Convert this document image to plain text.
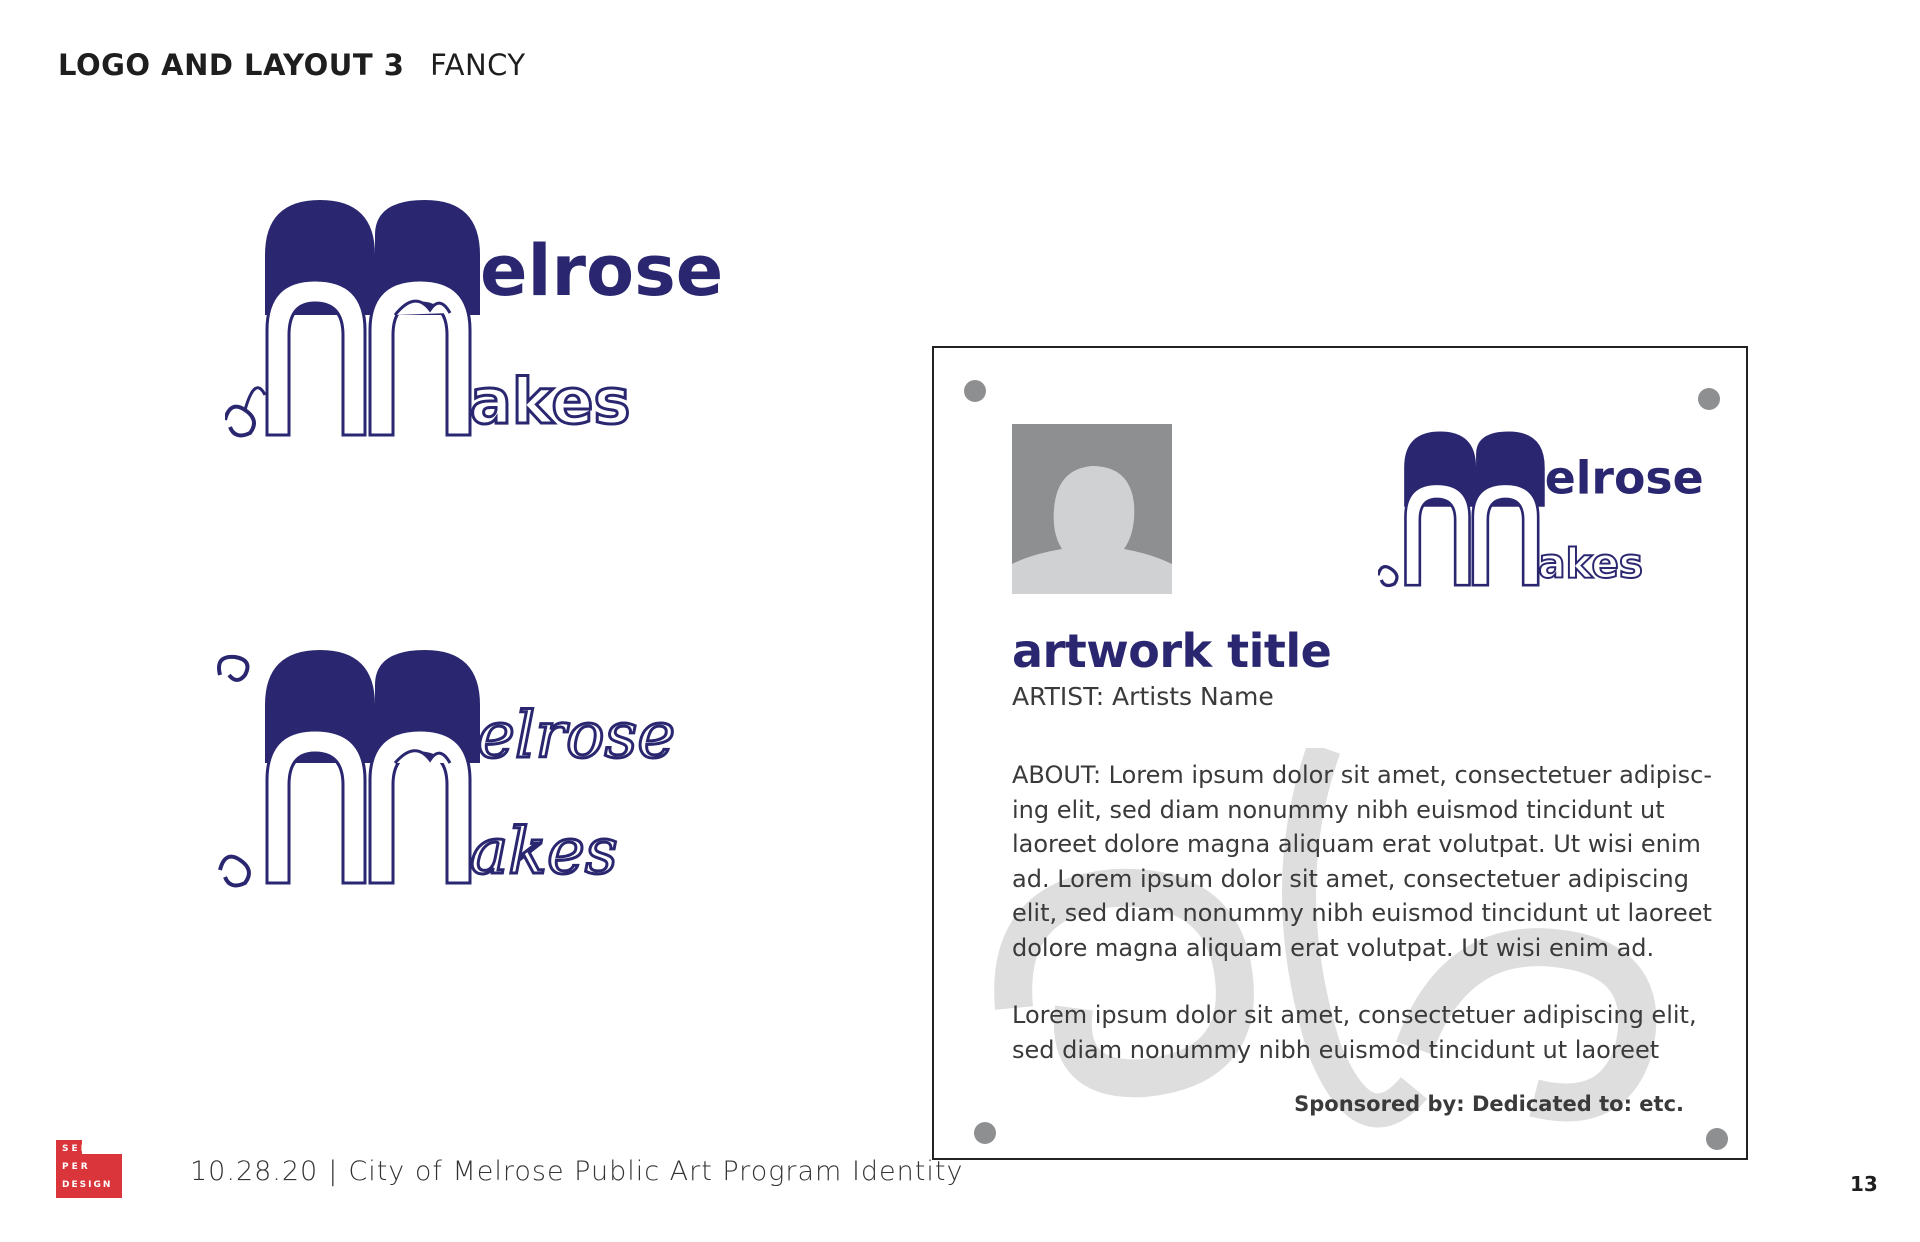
LOGO AND LAYOUT 3 FANCY
elrose
akes
elrose
akes
elrose
akes
artwork title
ARTIST: Artists Name
ABOUT: Lorem ipsum dolor sit amet, consectetuer adipisc-ing elit, sed diam nonummy nibh euismod tincidunt ut laoreet dolore magna aliquam erat volutpat. Ut wisi enim ad. Lorem ipsum dolor sit amet, consectetuer adipiscing elit, sed diam nonummy nibh euismod tincidunt ut laoreet dolore magna aliquam erat volutpat. Ut wisi enim ad.
Lorem ipsum dolor sit amet, consectetuer adipiscing elit, sed diam nonummy nibh euismod tincidunt ut laoreet
Sponsored by: Dedicated to: etc.
SEL
PER
DESIGN	10.28.20 | City of Melrose Public Art Program Identity	13
